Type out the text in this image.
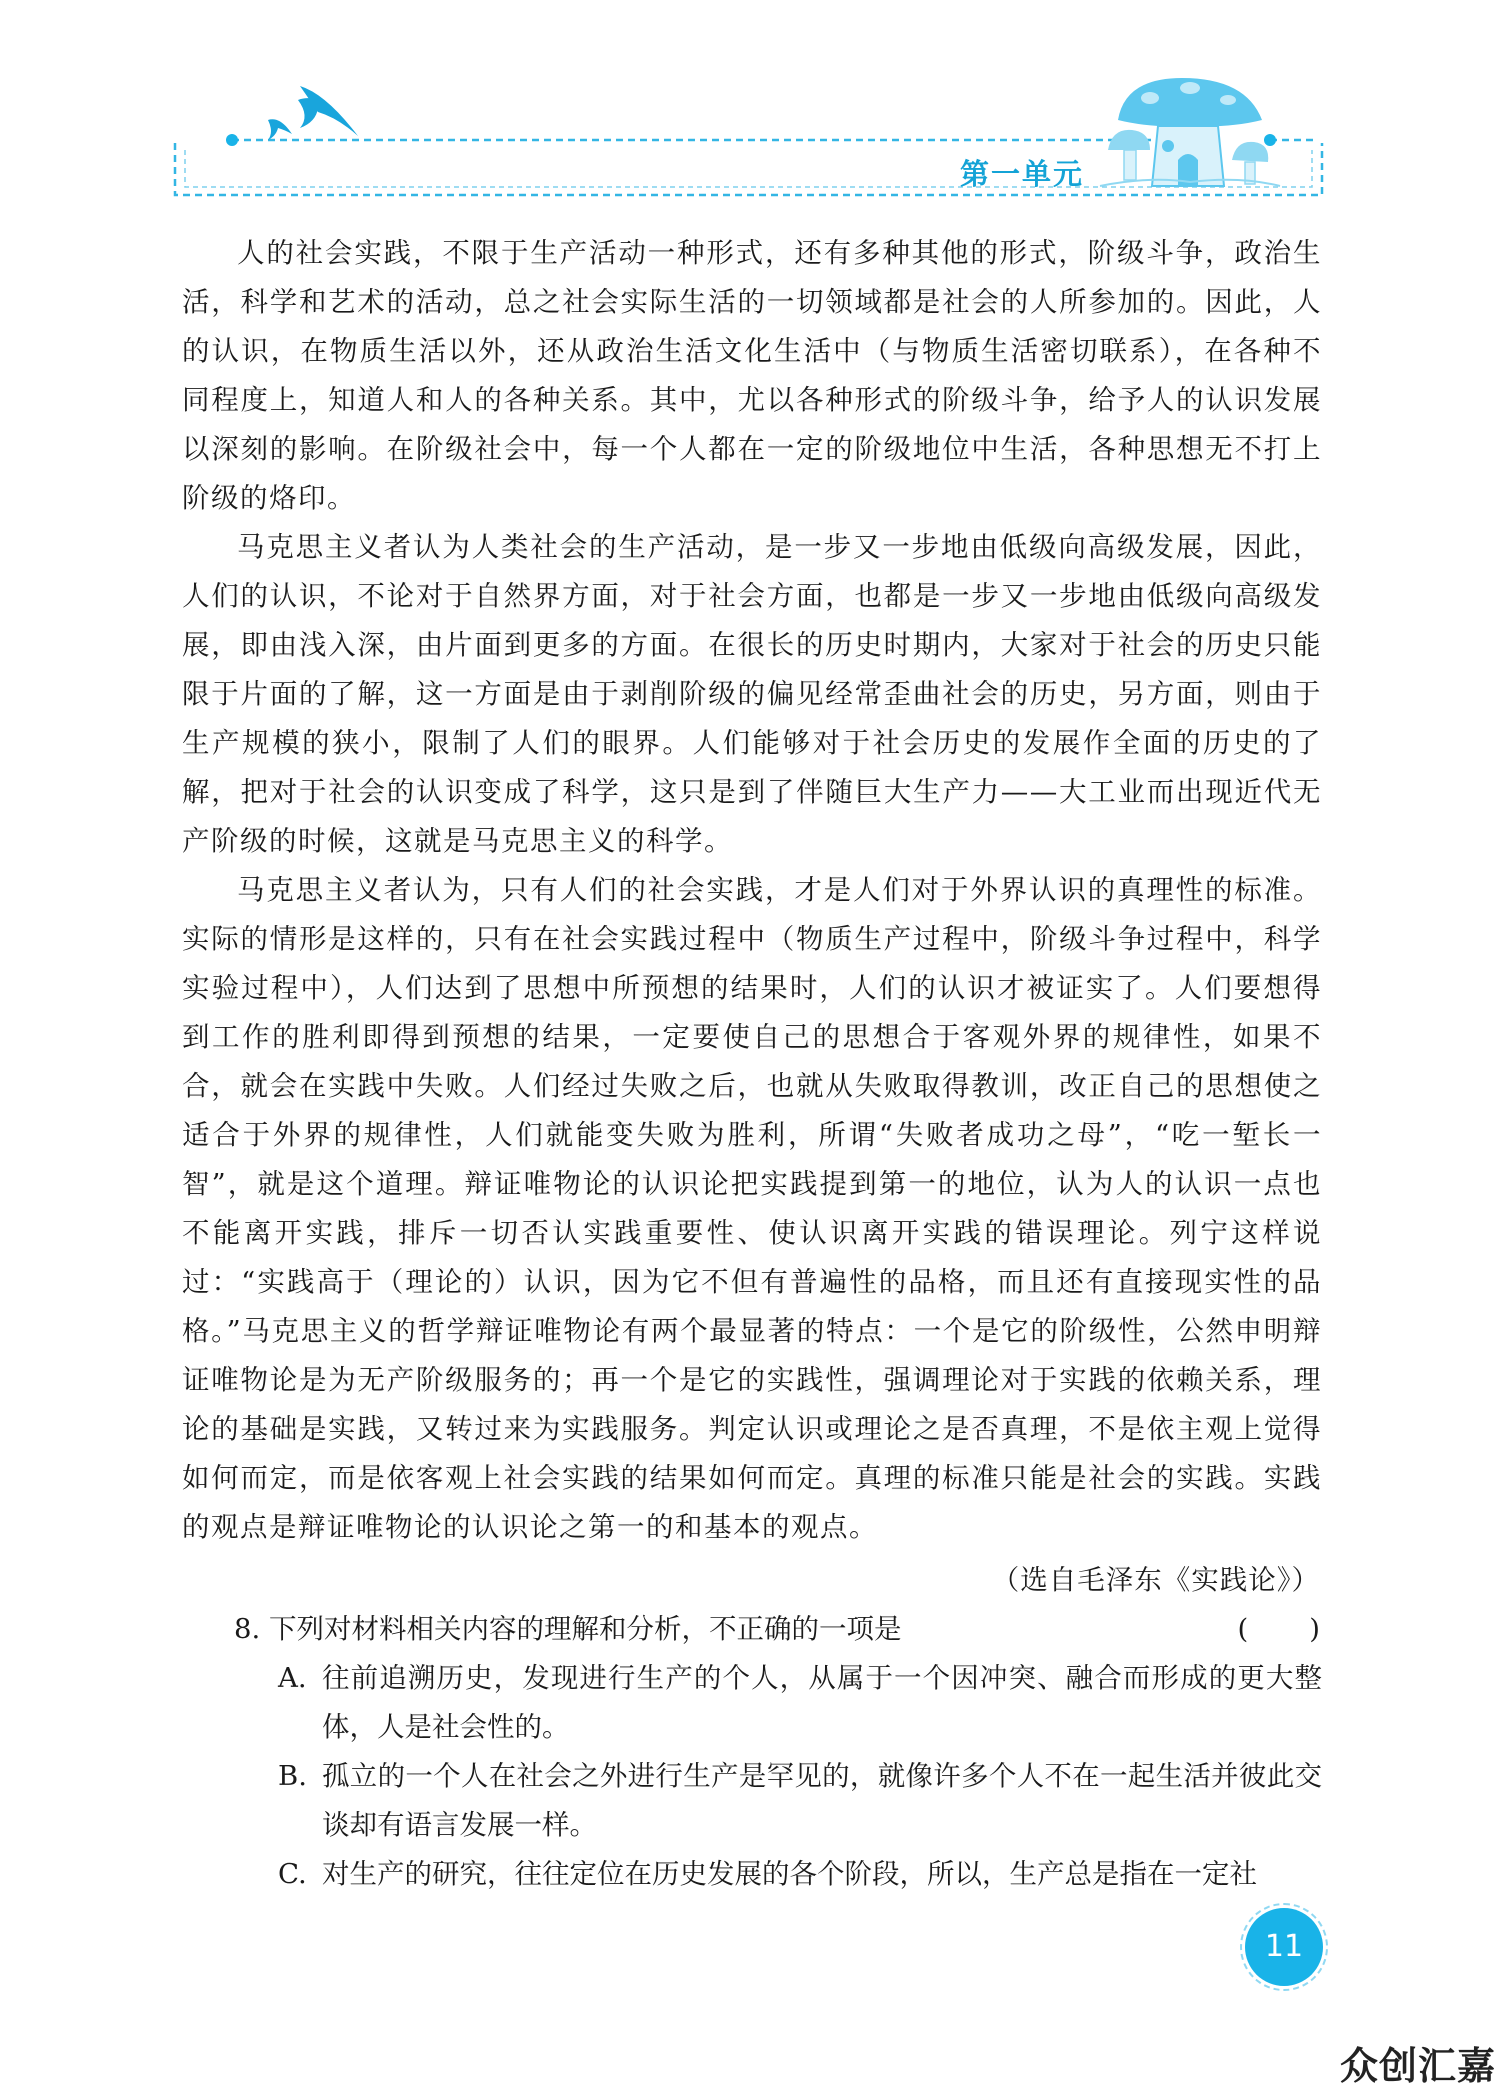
第一单元

人的社会实践，不限于生产活动一种形式，还有多种其他的形式，阶级斗争，政治生活，科学和艺术的活动，总之社会实际生活的一切领域都是社会的人所参加的。因此，人的认识，在物质生活以外，还从政治生活文化生活中（与物质生活密切联系），在各种不同程度上，知道人和人的各种关系。其中，尤以各种形式的阶级斗争，给予人的认识发展以深刻的影响。在阶级社会中，每一个人都在一定的阶级地位中生活，各种思想无不打上阶级的烙印。

马克思主义者认为人类社会的生产活动，是一步又一步地由低级向高级发展，因此，人们的认识，不论对于自然界方面，对于社会方面，也都是一步又一步地由低级向高级发展，即由浅入深，由片面到更多的方面。在很长的历史时期内，大家对于社会的历史只能限于片面的了解，这一方面是由于剥削阶级的偏见经常歪曲社会的历史，另方面，则由于生产规模的狭小，限制了人们的眼界。人们能够对于社会历史的发展作全面的历史的了解，把对于社会的认识变成了科学，这只是到了伴随巨大生产力——大工业而出现近代无产阶级的时候，这就是马克思主义的科学。

马克思主义者认为，只有人们的社会实践，才是人们对于外界认识的真理性的标准。实际的情形是这样的，只有在社会实践过程中（物质生产过程中，阶级斗争过程中，科学实验过程中），人们达到了思想中所预想的结果时，人们的认识才被证实了。人们要想得到工作的胜利即得到预想的结果，一定要使自己的思想合于客观外界的规律性，如果不合，就会在实践中失败。人们经过失败之后，也就从失败取得教训，改正自己的思想使之适合于外界的规律性，人们就能变失败为胜利，所谓“失败者成功之母”，“吃一堑长一智”，就是这个道理。辩证唯物论的认识论把实践提到第一的地位，认为人的认识一点也不能离开实践，排斥一切否认实践重要性、使认识离开实践的错误理论。列宁这样说过：“实践高于（理论的）认识，因为它不但有普遍性的品格，而且还有直接现实性的品格。”马克思主义的哲学辩证唯物论有两个最显著的特点：一个是它的阶级性，公然申明辩证唯物论是为无产阶级服务的；再一个是它的实践性，强调理论对于实践的依赖关系，理论的基础是实践，又转过来为实践服务。判定认识或理论之是否真理，不是依主观上觉得如何而定，而是依客观上社会实践的结果如何而定。真理的标准只能是社会的实践。实践的观点是辩证唯物论的认识论之第一的和基本的观点。

（选自毛泽东《实践论》）
8. 下列对材料相关内容的理解和分析，不正确的一项是	(　　)
A. 往前追溯历史，发现进行生产的个人，从属于一个因冲突、融合而形成的更大整体，人是社会性的。
B. 孤立的一个人在社会之外进行生产是罕见的，就像许多个人不在一起生活并彼此交谈却有语言发展一样。
C. 对生产的研究，往往定位在历史发展的各个阶段，所以，生产总是指在一定社
11
众创汇嘉
